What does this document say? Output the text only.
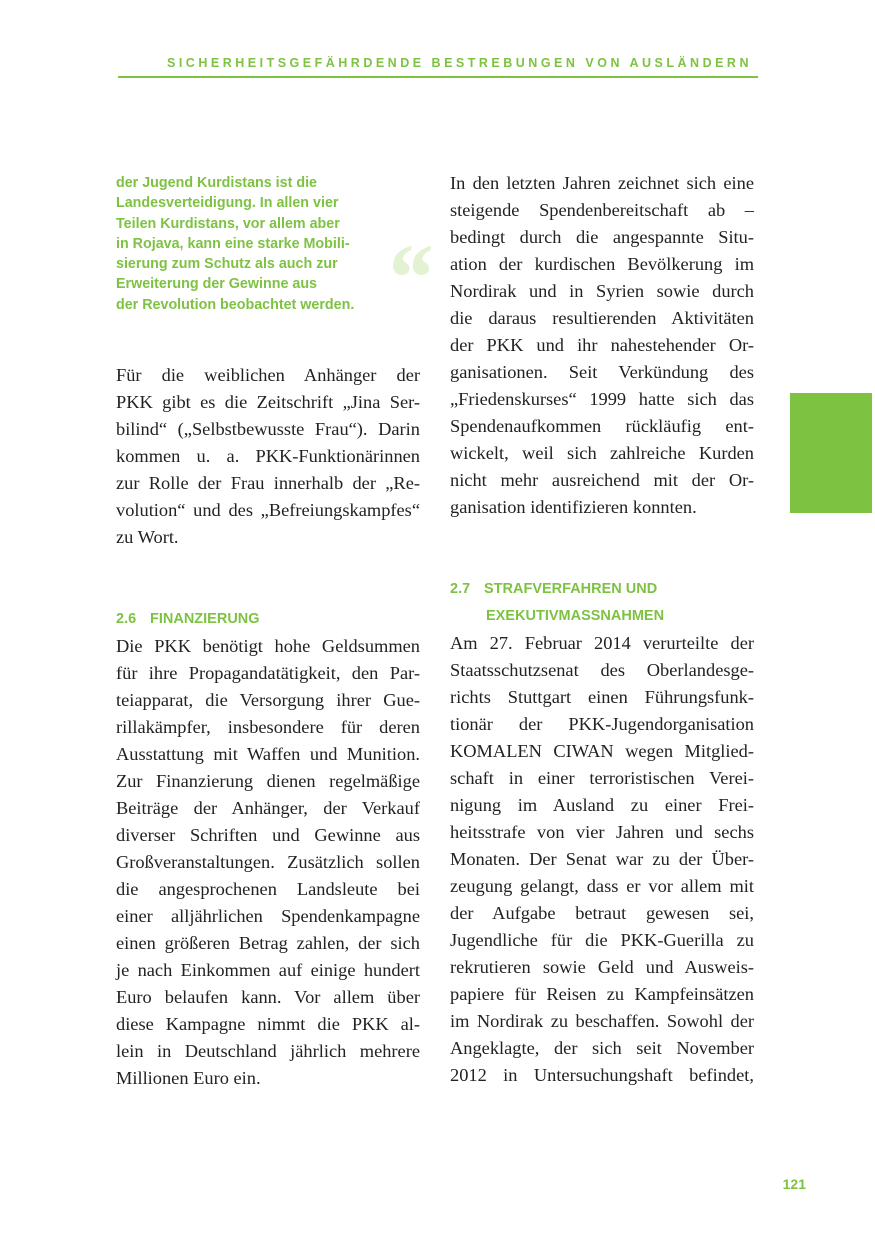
SICHERHEITSGEFÄHRDENDE BESTREBUNGEN VON AUSLÄNDERN
der Jugend Kurdistans ist die
Landesverteidigung. In allen vier
Teilen Kurdistans, vor allem aber
in Rojava, kann eine starke Mobili-
sierung zum Schutz als auch zur
Erweiterung der Gewinne aus
der Revolution beobachtet werden. “

Für die weiblichen Anhänger der
PKK gibt es die Zeitschrift „Jina Ser-
bilind“ („Selbstbewusste Frau“). Darin
kommen u. a. PKK-Funktionärinnen
zur Rolle der Frau innerhalb der „Re-
volution“ und des „Befreiungskampfes“
zu Wort.

2.6 FINANZIERUNG

Die PKK benötigt hohe Geldsummen
für ihre Propagandatätigkeit, den Par-
teiapparat, die Versorgung ihrer Gue-
rillakämpfer, insbesondere für deren
Ausstattung mit Waffen und Munition.
Zur Finanzierung dienen regelmäßige
Beiträge der Anhänger, der Verkauf
diverser Schriften und Gewinne aus
Großveranstaltungen. Zusätzlich sollen
die angesprochenen Landsleute bei
einer alljährlichen Spendenkampagne
einen größeren Betrag zahlen, der sich
je nach Einkommen auf einige hundert
Euro belaufen kann. Vor allem über
diese Kampagne nimmt die PKK al-
lein in Deutschland jährlich mehrere
Millionen Euro ein.

In den letzten Jahren zeichnet sich eine
steigende Spendenbereitschaft ab –
bedingt durch die angespannte Situ-
ation der kurdischen Bevölkerung im
Nordirak und in Syrien sowie durch
die daraus resultierenden Aktivitäten
der PKK und ihr nahestehender Or-
ganisationen. Seit Verkündung des
„Friedenskurses“ 1999 hatte sich das
Spendenaufkommen rückläufig ent-
wickelt, weil sich zahlreiche Kurden
nicht mehr ausreichend mit der Or-
ganisation identifizieren konnten.

2.7 STRAFVERFAHREN UND
EXEKUTIVMASSNAHMEN

Am 27. Februar 2014 verurteilte der
Staatsschutzsenat des Oberlandesge-
richts Stuttgart einen Führungsfunk-
tionär der PKK-Jugendorganisation
KOMALEN CIWAN wegen Mitglied-
schaft in einer terroristischen Verei-
nigung im Ausland zu einer Frei-
heitsstrafe von vier Jahren und sechs
Monaten. Der Senat war zu der Über-
zeugung gelangt, dass er vor allem mit
der Aufgabe betraut gewesen sei,
Jugendliche für die PKK-Guerilla zu
rekrutieren sowie Geld und Ausweis-
papiere für Reisen zu Kampfeinsätzen
im Nordirak zu beschaffen. Sowohl der
Angeklagte, der sich seit November
2012 in Untersuchungshaft befindet,

121
